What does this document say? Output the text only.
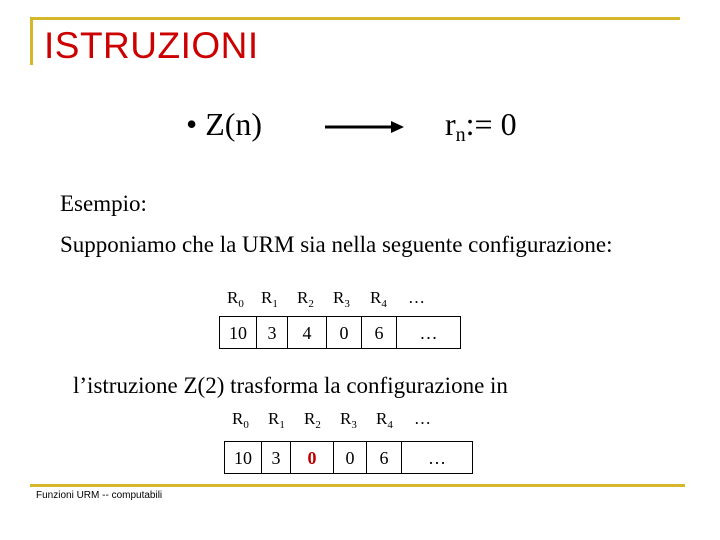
ISTRUZIONI
• Z(n)	$r_n:= 0$
Esempio:
Supponiamo che la URM sia nella seguente configurazione:
$R_0$ $R_1$ $R_2$ $R_3$ $R_4$ …
10	3	4	0	6	…
l’istruzione Z(2) trasforma la configurazione in
$R_0$ $R_1$ $R_2$ $R_3$ $R_4$ …
10	3	0	0	6	…
Funzioni URM -- computabili
